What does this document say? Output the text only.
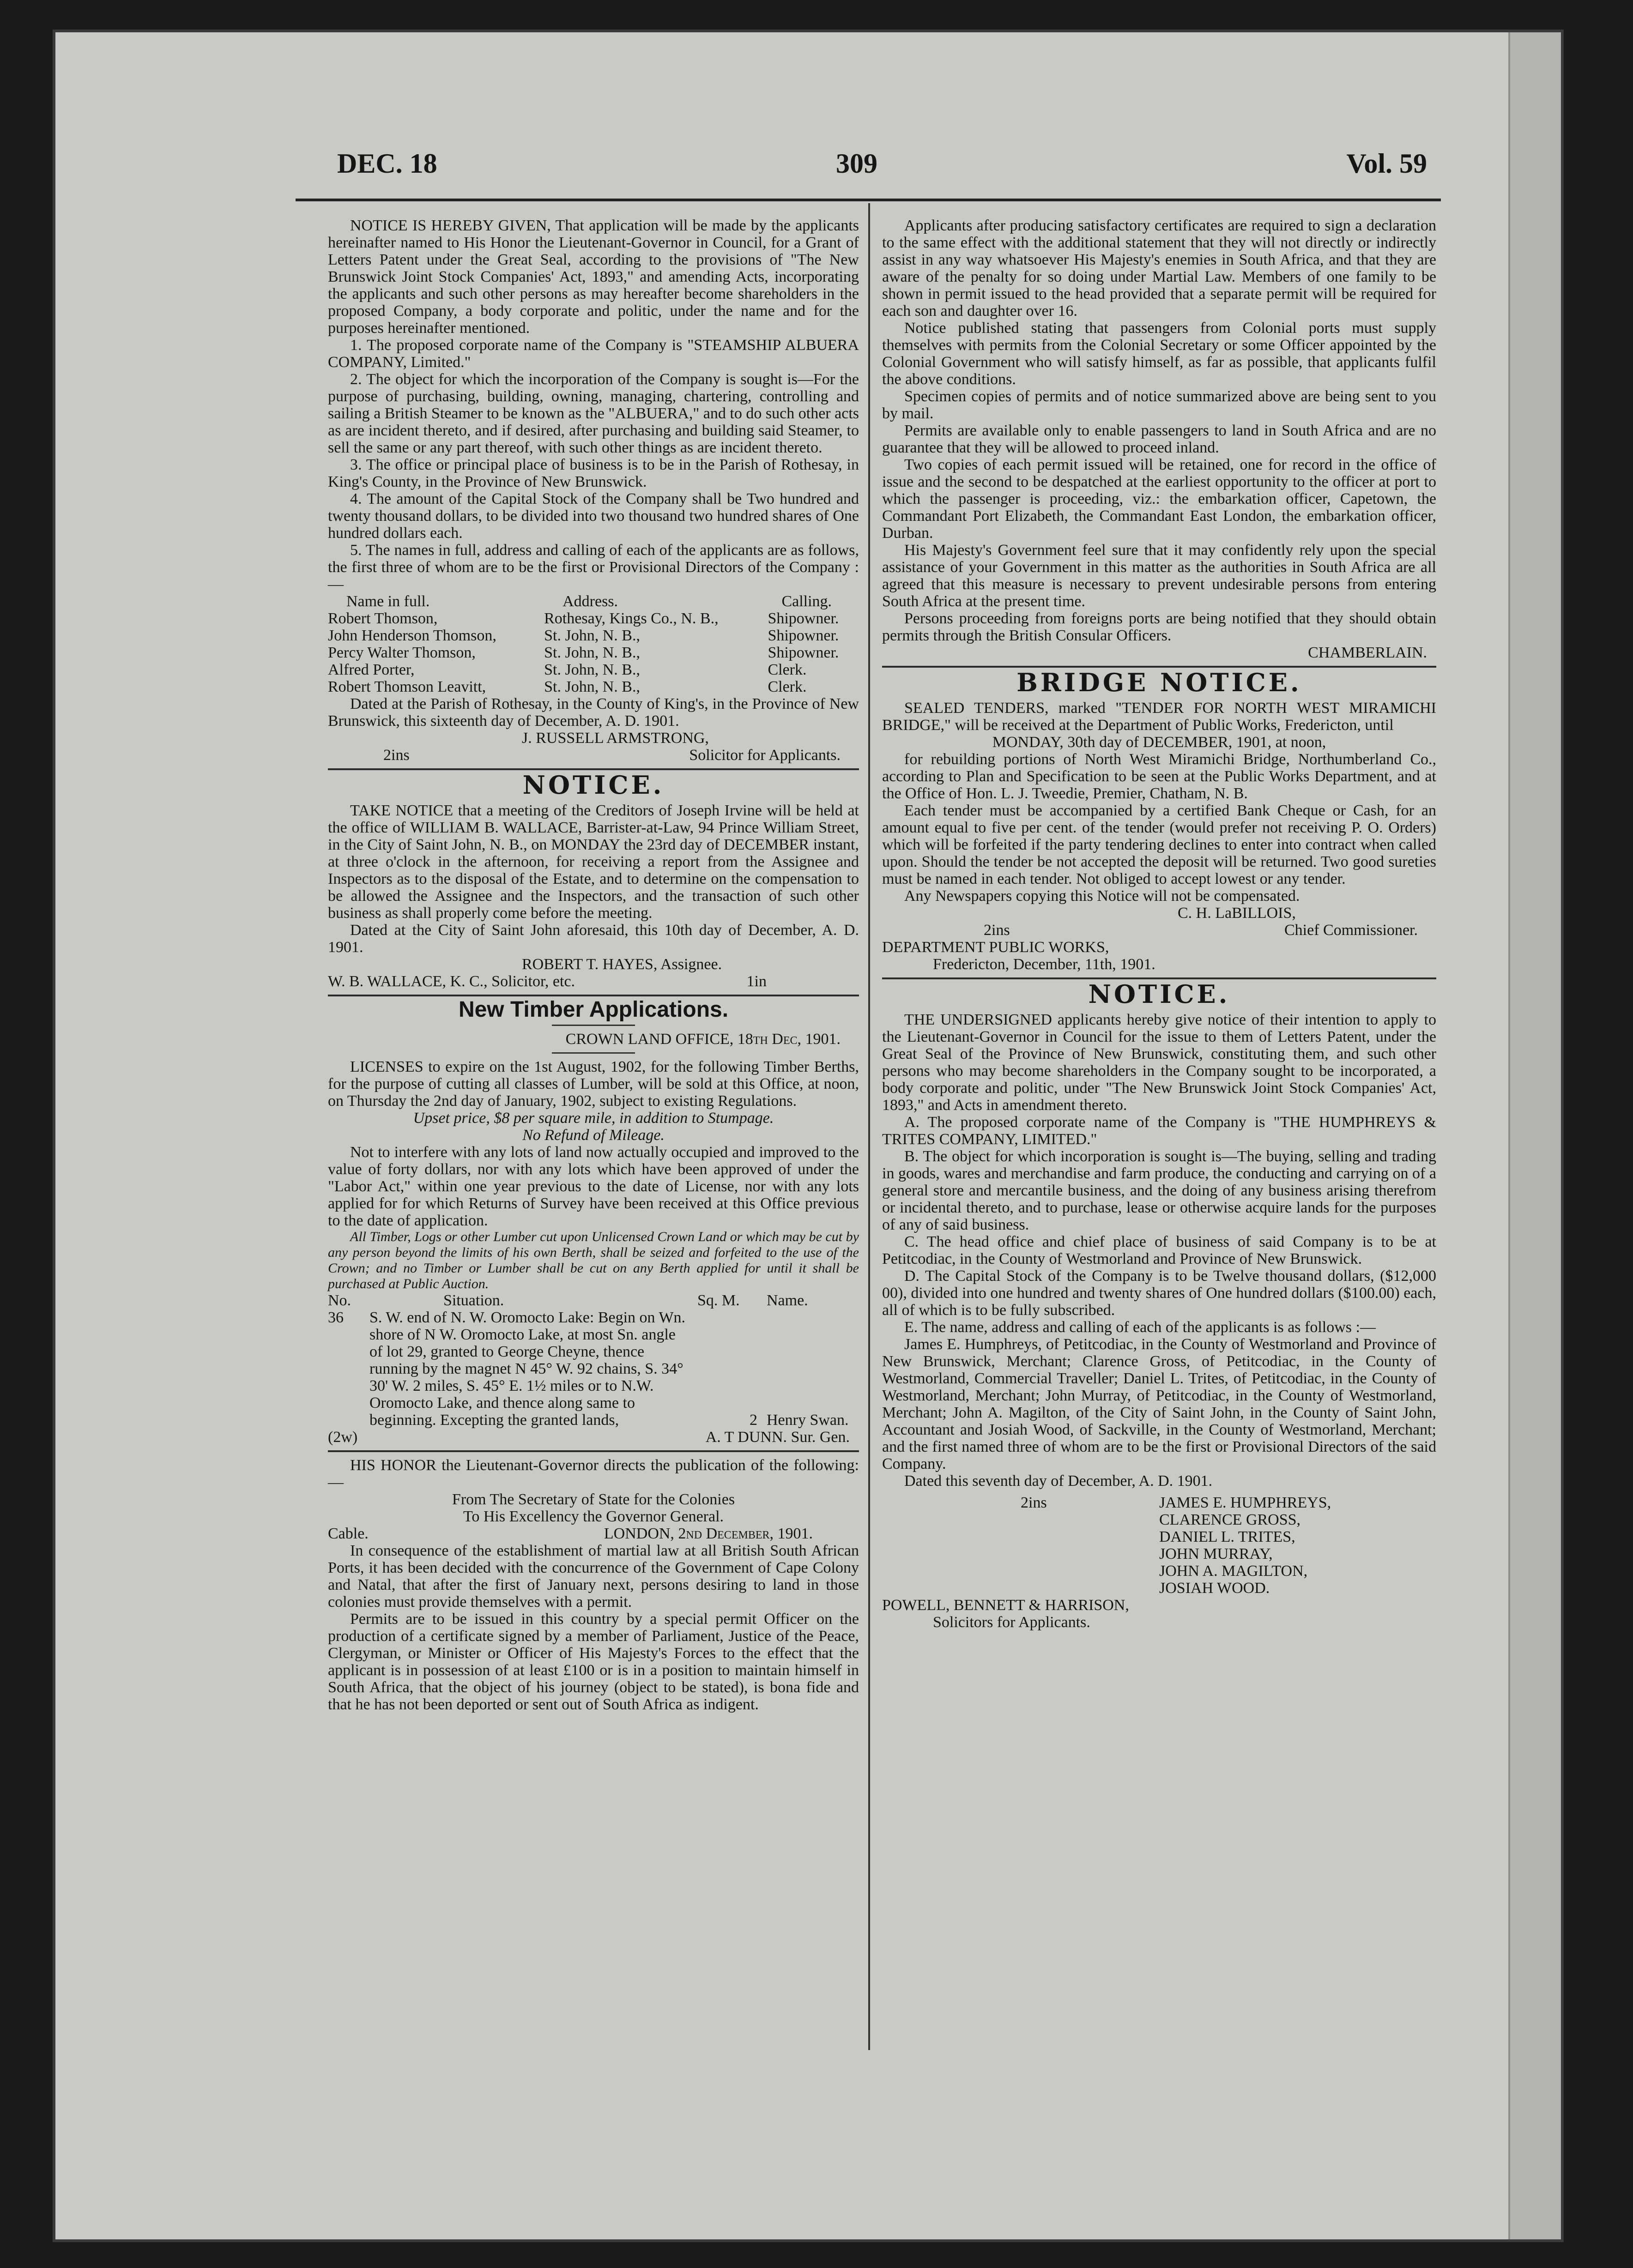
DEC. 18	309	Vol. 59

NOTICE IS HEREBY GIVEN, That application will be made by the applicants hereinafter named to His Honor the Lieutenant-Governor in Council, for a Grant of Letters Patent under the Great Seal, according to the provisions of "The New Brunswick Joint Stock Companies' Act, 1893," and amending Acts, incorporating the applicants and such other persons as may hereafter become shareholders in the proposed Company, a body corporate and politic, under the name and for the purposes hereinafter mentioned.

1. The proposed corporate name of the Company is "STEAMSHIP ALBUERA COMPANY, Limited."

2. The object for which the incorporation of the Company is sought is—For the purpose of purchasing, building, owning, managing, chartering, controlling and sailing a British Steamer to be known as the "ALBUERA," and to do such other acts as are incident thereto, and if desired, after purchasing and building said Steamer, to sell the same or any part thereof, with such other things as are incident thereto.

3. The office or principal place of business is to be in the Parish of Rothesay, in King's County, in the Province of New Brunswick.

4. The amount of the Capital Stock of the Company shall be Two hundred and twenty thousand dollars, to be divided into two thousand two hundred shares of One hundred dollars each.

5. The names in full, address and calling of each of the applicants are as follows, the first three of whom are to be the first or Provisional Directors of the Company :—

Name in full.	Address.	Calling.
Robert Thomson,	Rothesay, Kings Co., N. B.,	Shipowner.
John Henderson Thomson,	St. John, N. B.,	Shipowner.
Percy Walter Thomson,	St. John, N. B.,	Shipowner.
Alfred Porter,	St. John, N. B.,	Clerk.
Robert Thomson Leavitt,	St. John, N. B.,	Clerk.

Dated at the Parish of Rothesay, in the County of King's, in the Province of New Brunswick, this sixteenth day of December, A. D. 1901.

J. RUSSELL ARMSTRONG,

2ins	Solicitor for Applicants.

NOTICE.

TAKE NOTICE that a meeting of the Creditors of Joseph Irvine will be held at the office of WILLIAM B. WALLACE, Barrister-at-Law, 94 Prince William Street, in the City of Saint John, N. B., on MONDAY the 23rd day of DECEMBER instant, at three o'clock in the afternoon, for receiving a report from the Assignee and Inspectors as to the disposal of the Estate, and to determine on the compensation to be allowed the Assignee and the Inspectors, and the transaction of such other business as shall properly come before the meeting.

Dated at the City of Saint John aforesaid, this 10th day of December, A. D. 1901.

ROBERT T. HAYES, Assignee.

W. B. WALLACE, K. C., Solicitor, etc.	1in

New Timber Applications.

CROWN LAND OFFICE, 18th Dec, 1901.

LICENSES to expire on the 1st August, 1902, for the following Timber Berths, for the purpose of cutting all classes of Lumber, will be sold at this Office, at noon, on Thursday the 2nd day of January, 1902, subject to existing Regulations.

Upset price, $8 per square mile, in addition to Stumpage.

No Refund of Mileage.

Not to interfere with any lots of land now actually occupied and improved to the value of forty dollars, nor with any lots which have been approved of under the "Labor Act," within one year previous to the date of License, nor with any lots applied for for which Returns of Survey have been received at this Office previous to the date of application.

All Timber, Logs or other Lumber cut upon Unlicensed Crown Land or which may be cut by any person beyond the limits of his own Berth, shall be seized and forfeited to the use of the Crown; and no Timber or Lumber shall be cut on any Berth applied for until it shall be purchased at Public Auction.

No.	Situation.	Sq. M.	Name.
36	S. W. end of N. W. Oromocto Lake: Begin on Wn. shore of N W. Oromocto Lake, at most Sn. angle of lot 29, granted to George Cheyne, thence running by the magnet N 45° W. 92 chains, S. 34° 30' W. 2 miles, S. 45° E. 1½ miles or to N.W. Oromocto Lake, and thence along same to beginning. Excepting the granted lands,	2	Henry Swan.

(2w)	A. T DUNN. Sur. Gen.

HIS HONOR the Lieutenant-Governor directs the publication of the following:—

From The Secretary of State for the Colonies

To His Excellency the Governor General.

Cable.	LONDON, 2nd December, 1901.

In consequence of the establishment of martial law at all British South African Ports, it has been decided with the concurrence of the Government of Cape Colony and Natal, that after the first of January next, persons desiring to land in those colonies must provide themselves with a permit.

Permits are to be issued in this country by a special permit Officer on the production of a certificate signed by a member of Parliament, Justice of the Peace, Clergyman, or Minister or Officer of His Majesty's Forces to the effect that the applicant is in possession of at least £100 or is in a position to maintain himself in South Africa, that the object of his journey (object to be stated), is bona fide and that he has not been deported or sent out of South Africa as indigent.

Applicants after producing satisfactory certificates are required to sign a declaration to the same effect with the additional statement that they will not directly or indirectly assist in any way whatsoever His Majesty's enemies in South Africa, and that they are aware of the penalty for so doing under Martial Law. Members of one family to be shown in permit issued to the head provided that a separate permit will be required for each son and daughter over 16.

Notice published stating that passengers from Colonial ports must supply themselves with permits from the Colonial Secretary or some Officer appointed by the Colonial Government who will satisfy himself, as far as possible, that applicants fulfil the above conditions.

Specimen copies of permits and of notice summarized above are being sent to you by mail.

Permits are available only to enable passengers to land in South Africa and are no guarantee that they will be allowed to proceed inland.

Two copies of each permit issued will be retained, one for record in the office of issue and the second to be despatched at the earliest opportunity to the officer at port to which the passenger is proceeding, viz.: the embarkation officer, Capetown, the Commandant Port Elizabeth, the Commandant East London, the embarkation officer, Durban.

His Majesty's Government feel sure that it may confidently rely upon the special assistance of your Government in this matter as the authorities in South Africa are all agreed that this measure is necessary to prevent undesirable persons from entering South Africa at the present time.

Persons proceeding from foreigns ports are being notified that they should obtain permits through the British Consular Officers.

CHAMBERLAIN.

BRIDGE NOTICE.

SEALED TENDERS, marked "TENDER FOR NORTH WEST MIRAMICHI BRIDGE," will be received at the Department of Public Works, Fredericton, until

MONDAY, 30th day of DECEMBER, 1901, at noon,

for rebuilding portions of North West Miramichi Bridge, Northumberland Co., according to Plan and Specification to be seen at the Public Works Department, and at the Office of Hon. L. J. Tweedie, Premier, Chatham, N. B.

Each tender must be accompanied by a certified Bank Cheque or Cash, for an amount equal to five per cent. of the tender (would prefer not receiving P. O. Orders) which will be forfeited if the party tendering declines to enter into contract when called upon. Should the tender be not accepted the deposit will be returned. Two good sureties must be named in each tender. Not obliged to accept lowest or any tender.

Any Newspapers copying this Notice will not be compensated.

C. H. LaBILLOIS,

2ins	Chief Commissioner.

DEPARTMENT PUBLIC WORKS,

Fredericton, December, 11th, 1901.

NOTICE.

THE UNDERSIGNED applicants hereby give notice of their intention to apply to the Lieutenant-Governor in Council for the issue to them of Letters Patent, under the Great Seal of the Province of New Brunswick, constituting them, and such other persons who may become shareholders in the Company sought to be incorporated, a body corporate and politic, under "The New Brunswick Joint Stock Companies' Act, 1893," and Acts in amendment thereto.

A. The proposed corporate name of the Company is "THE HUMPHREYS & TRITES COMPANY, LIMITED."

B. The object for which incorporation is sought is—The buying, selling and trading in goods, wares and merchandise and farm produce, the conducting and carrying on of a general store and mercantile business, and the doing of any business arising therefrom or incidental thereto, and to purchase, lease or otherwise acquire lands for the purposes of any of said business.

C. The head office and chief place of business of said Company is to be at Petitcodiac, in the County of Westmorland and Province of New Brunswick.

D. The Capital Stock of the Company is to be Twelve thousand dollars, ($12,000 00), divided into one hundred and twenty shares of One hundred dollars ($100.00) each, all of which is to be fully subscribed.

E. The name, address and calling of each of the applicants is as follows :—

James E. Humphreys, of Petitcodiac, in the County of Westmorland and Province of New Brunswick, Merchant; Clarence Gross, of Petitcodiac, in the County of Westmorland, Commercial Traveller; Daniel L. Trites, of Petitcodiac, in the County of Westmorland, Merchant; John Murray, of Petitcodiac, in the County of Westmorland, Merchant; John A. Magilton, of the City of Saint John, in the County of Saint John, Accountant and Josiah Wood, of Sackville, in the County of Westmorland, Merchant; and the first named three of whom are to be the first or Provisional Directors of the said Company.

Dated this seventh day of December, A. D. 1901.

2ins	JAMES E. HUMPHREYS,
CLARENCE GROSS,
DANIEL L. TRITES,
JOHN MURRAY,
JOHN A. MAGILTON,
JOSIAH WOOD.

POWELL, BENNETT & HARRISON,

Solicitors for Applicants.
